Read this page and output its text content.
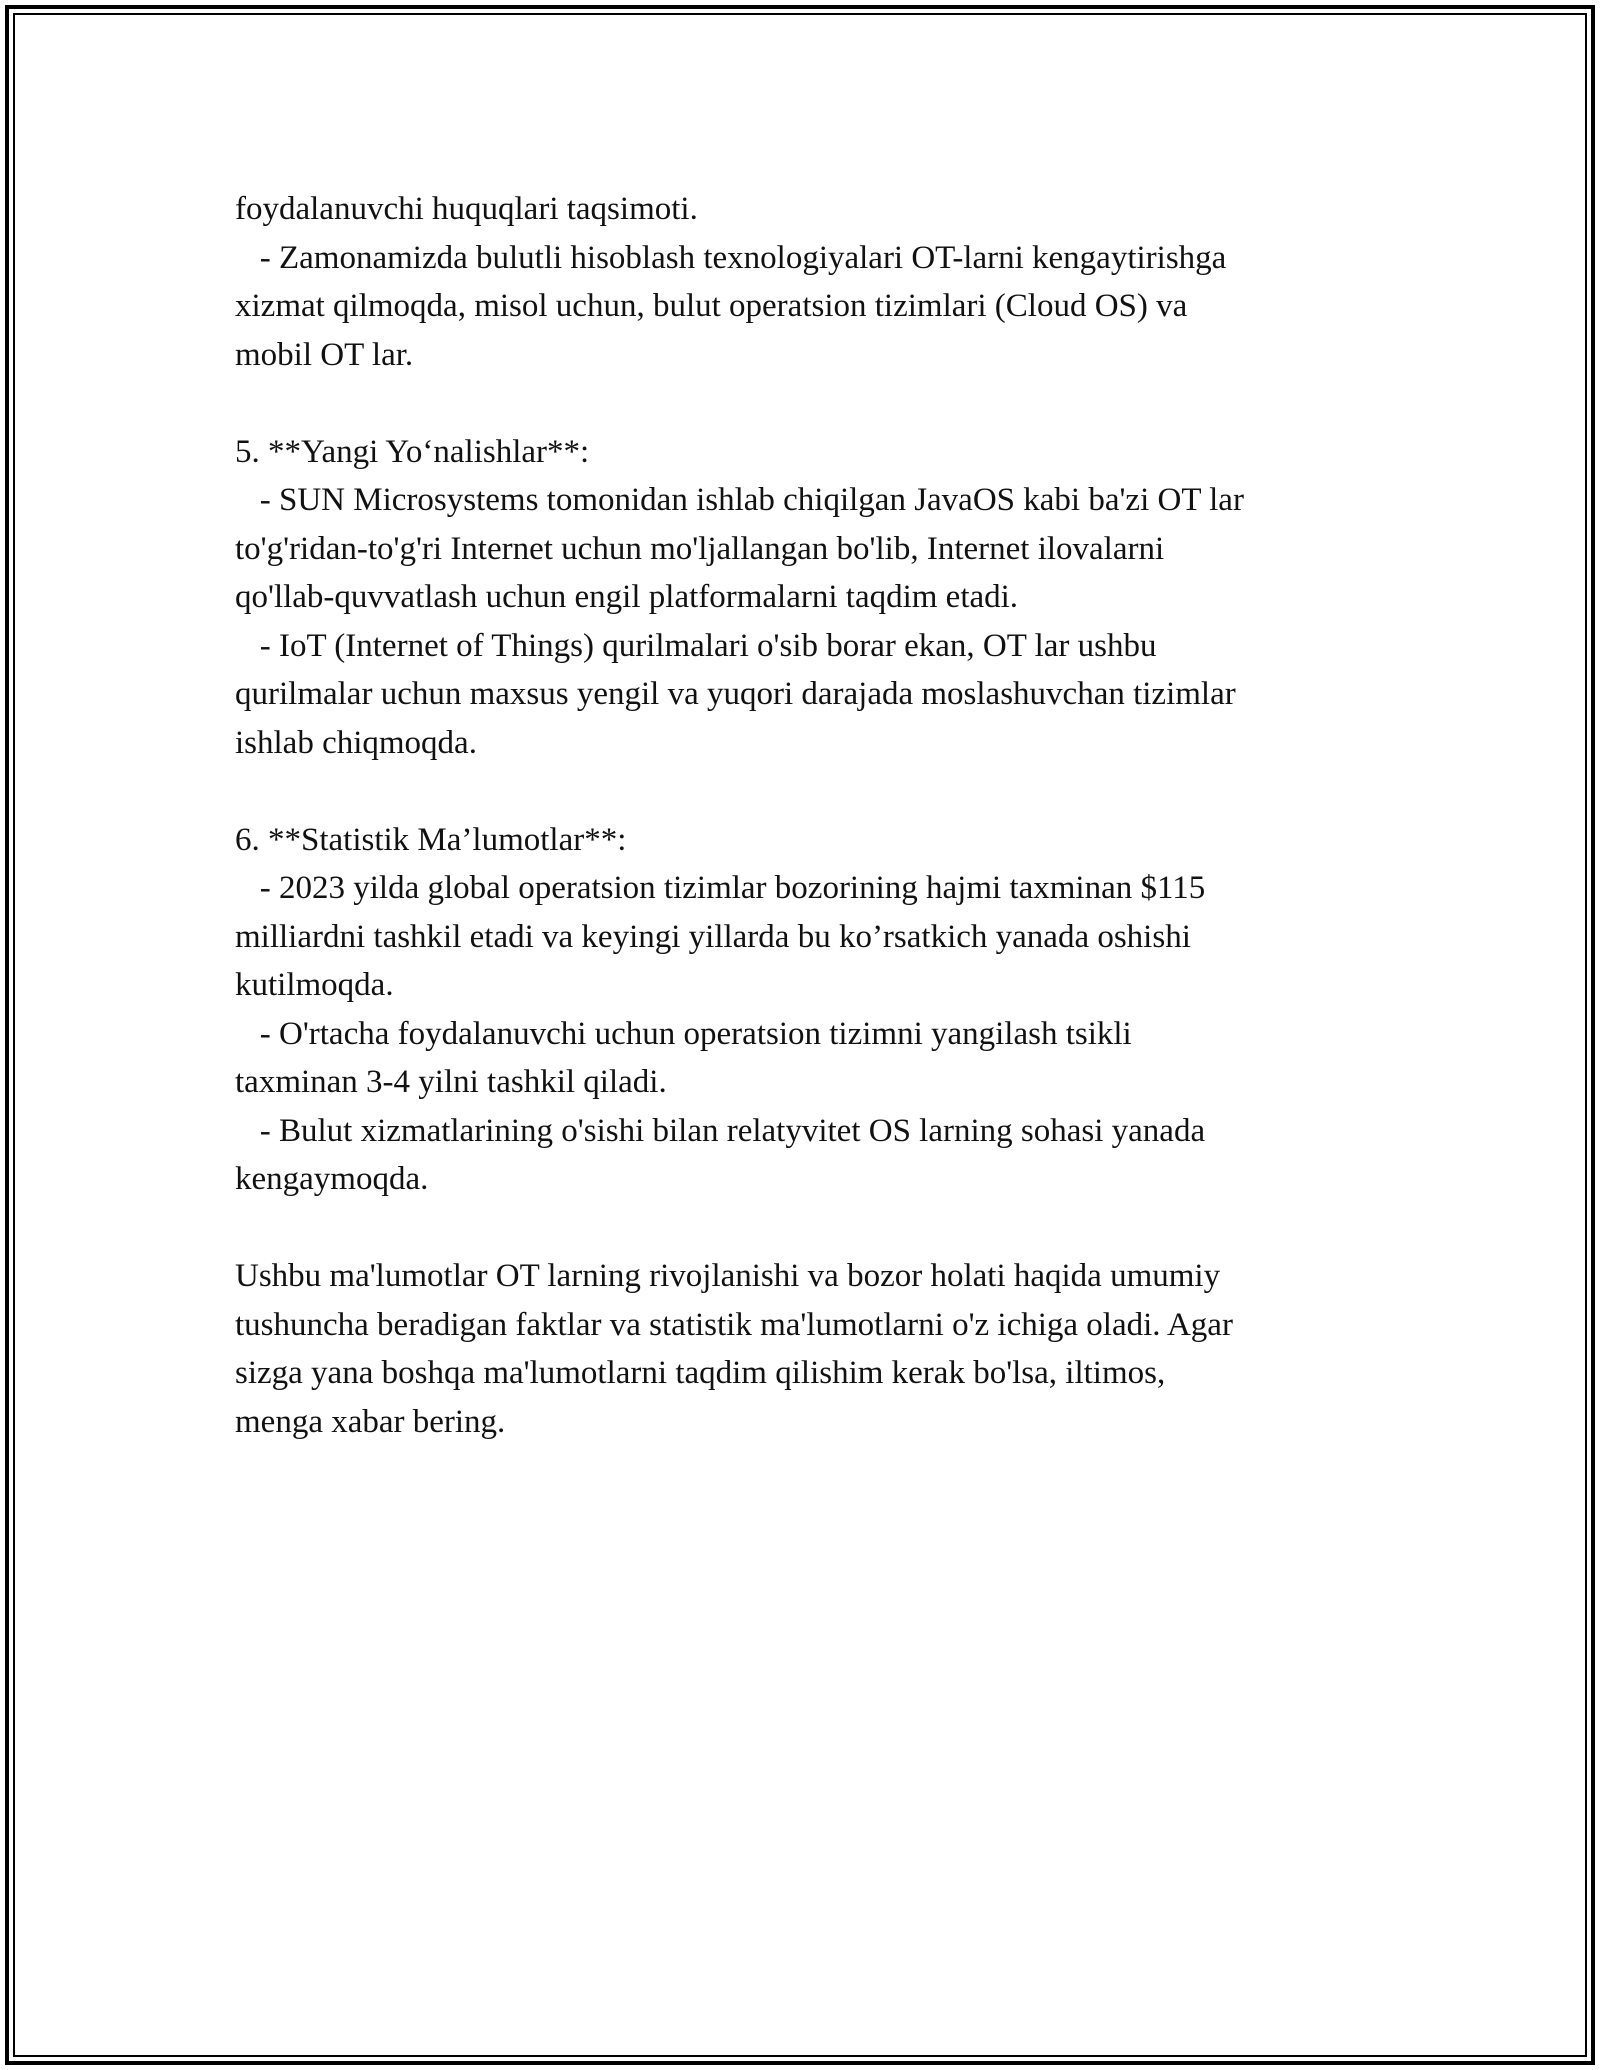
foydalanuvchi huquqlari taqsimoti.
- Zamonamizda bulutli hisoblash texnologiyalari OT-larni kengaytirishga
xizmat qilmoqda, misol uchun, bulut operatsion tizimlari (Cloud OS) va
mobil OT lar.
5. **Yangi Yo‘nalishlar**:
- SUN Microsystems tomonidan ishlab chiqilgan JavaOS kabi ba'zi OT lar
to'g'ridan-to'g'ri Internet uchun mo'ljallangan bo'lib, Internet ilovalarni
qo'llab-quvvatlash uchun engil platformalarni taqdim etadi.
- IoT (Internet of Things) qurilmalari o'sib borar ekan, OT lar ushbu
qurilmalar uchun maxsus yengil va yuqori darajada moslashuvchan tizimlar
ishlab chiqmoqda.
6. **Statistik Ma’lumotlar**:
- 2023 yilda global operatsion tizimlar bozorining hajmi taxminan $115
milliardni tashkil etadi va keyingi yillarda bu ko’rsatkich yanada oshishi
kutilmoqda.
- O'rtacha foydalanuvchi uchun operatsion tizimni yangilash tsikli
taxminan 3-4 yilni tashkil qiladi.
- Bulut xizmatlarining o'sishi bilan relatyvitet OS larning sohasi yanada
kengaymoqda.
Ushbu ma'lumotlar OT larning rivojlanishi va bozor holati haqida umumiy
tushuncha beradigan faktlar va statistik ma'lumotlarni o'z ichiga oladi. Agar
sizga yana boshqa ma'lumotlarni taqdim qilishim kerak bo'lsa, iltimos,
menga xabar bering.
